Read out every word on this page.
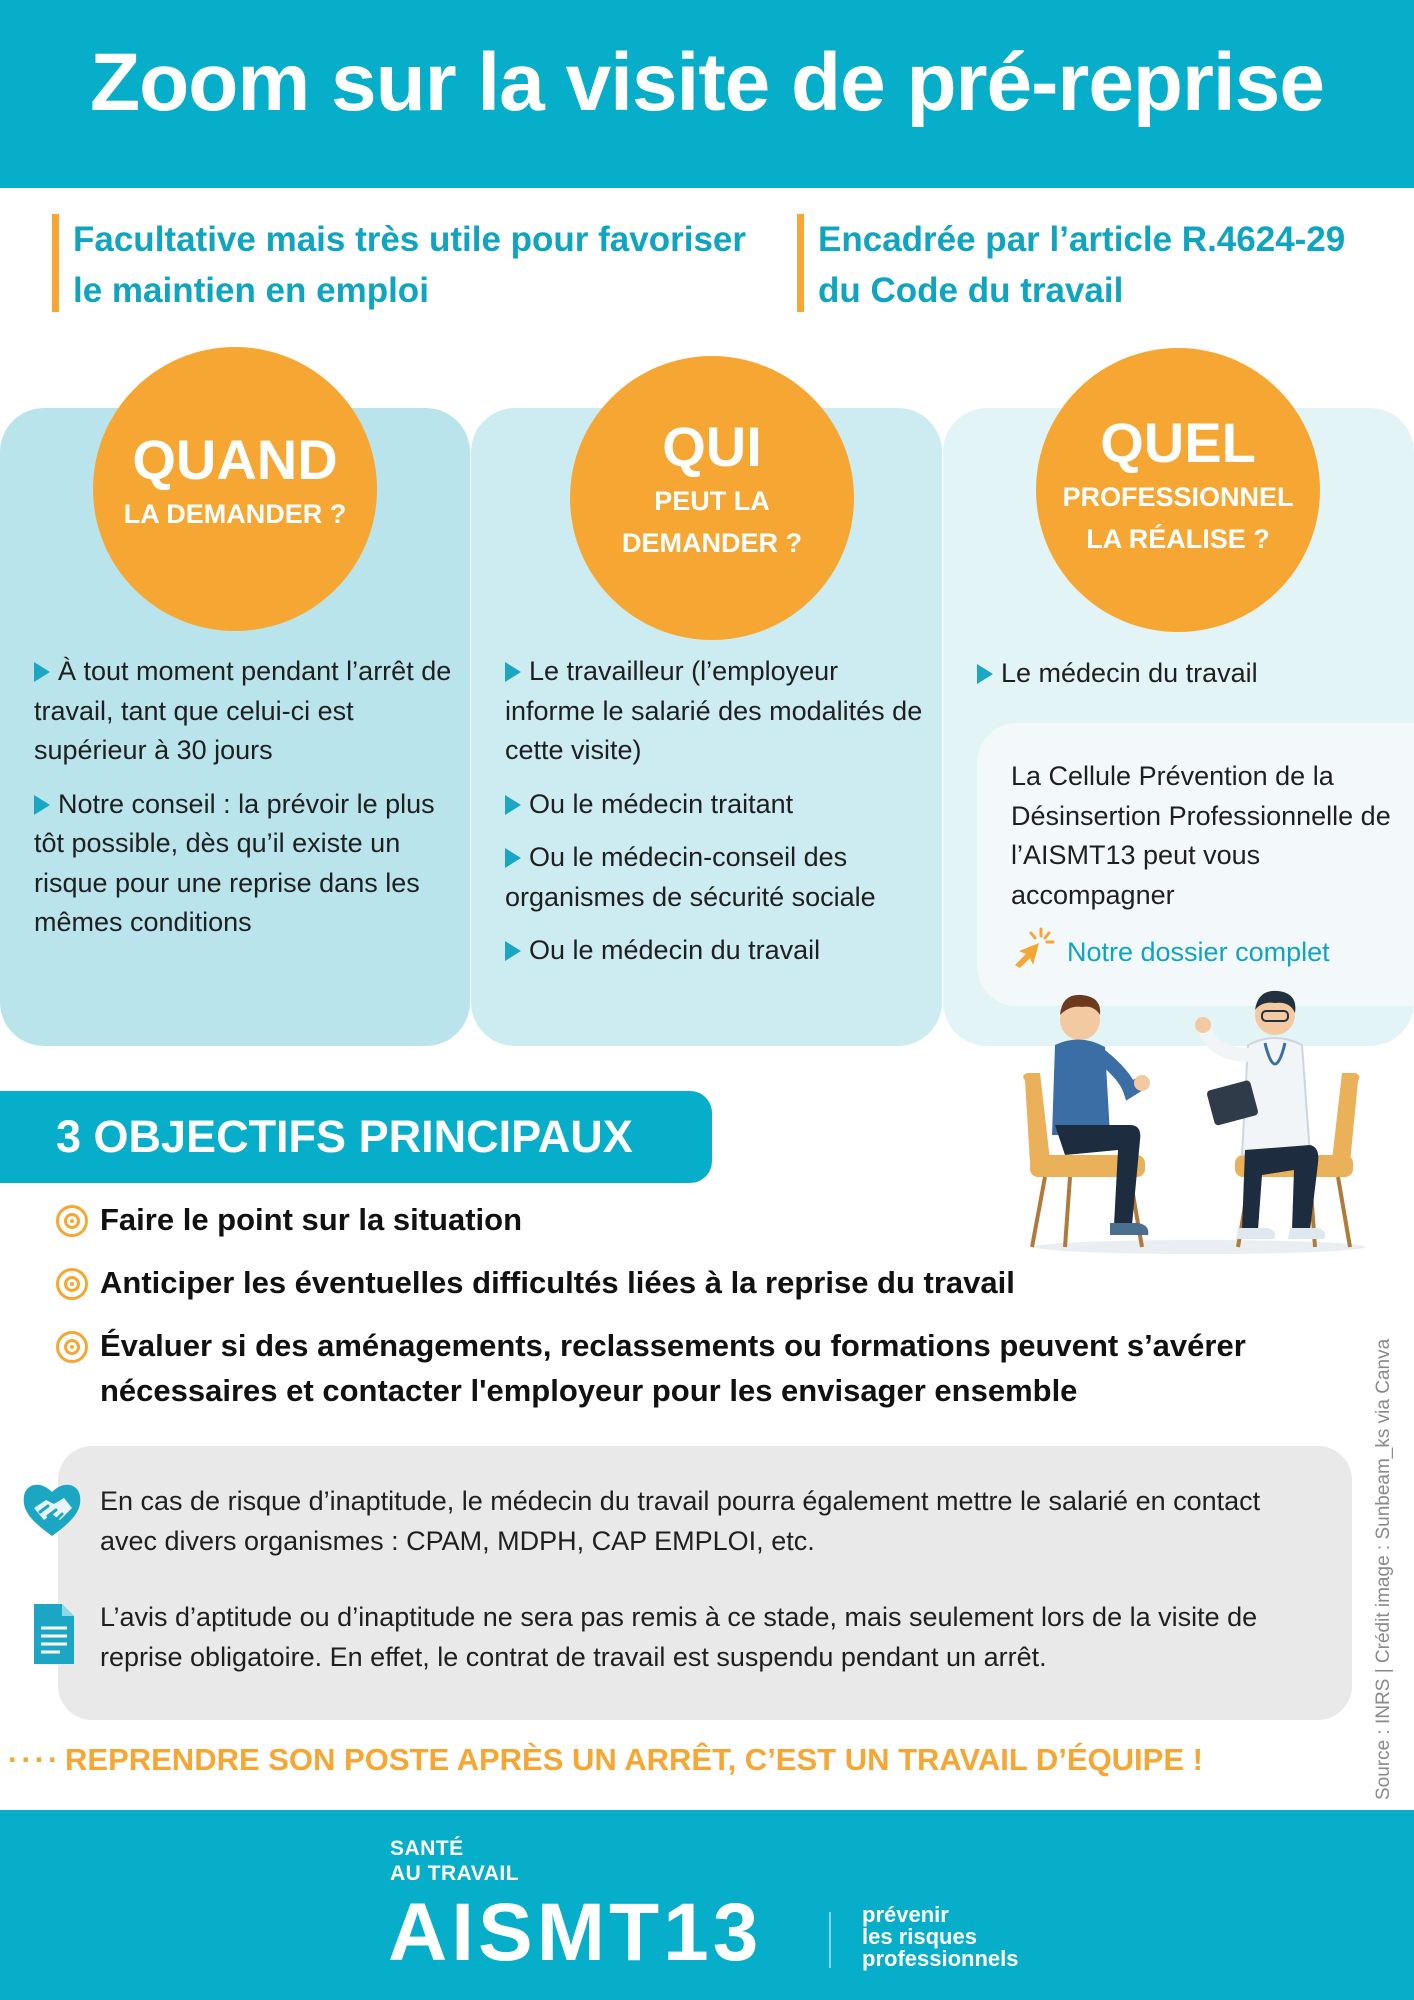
Zoom sur la visite de pré-reprise
Facultative mais très utile pour favoriser le maintien en emploi
Encadrée par l’article R.4624-29 du Code du travail
QUAND
LA DEMANDER ?
QUI
PEUT LA
DEMANDER ?
QUEL
PROFESSIONNEL
LA RÉALISE ?
À tout moment pendant l’arrêt de travail, tant que celui-ci est supérieur à 30 jours
Notre conseil : la prévoir le plus tôt possible, dès qu’il existe un risque pour une reprise dans les mêmes conditions
Le travailleur (l’employeur informe le salarié des modalités de cette visite)
Ou le médecin traitant
Ou le médecin-conseil des organismes de sécurité sociale
Ou le médecin du travail
Le médecin du travail
La Cellule Prévention de la Désinsertion Professionnelle de l’AISMT13 peut vous accompagner
Notre dossier complet
3 OBJECTIFS PRINCIPAUX
Faire le point sur la situation
Anticiper les éventuelles difficultés liées à la reprise du travail
Évaluer si des aménagements, reclassements ou formations peuvent s’avérer nécessaires et contacter l'employeur pour les envisager ensemble
En cas de risque d’inaptitude, le médecin du travail pourra également mettre le salarié en contact avec divers organismes : CPAM, MDPH, CAP EMPLOI, etc.
L’avis d’aptitude ou d’inaptitude ne sera pas remis à ce stade, mais seulement lors de la visite de reprise obligatoire. En effet, le contrat de travail est suspendu pendant un arrêt.
···· REPRENDRE SON POSTE APRÈS UN ARRÊT, C’EST UN TRAVAIL D’ÉQUIPE !	Source : INRS | Crédit image : Sunbeam_ks via Canva
SANTÉ
AU TRAVAIL
AISMT13	prévenir
les risques
professionnels
